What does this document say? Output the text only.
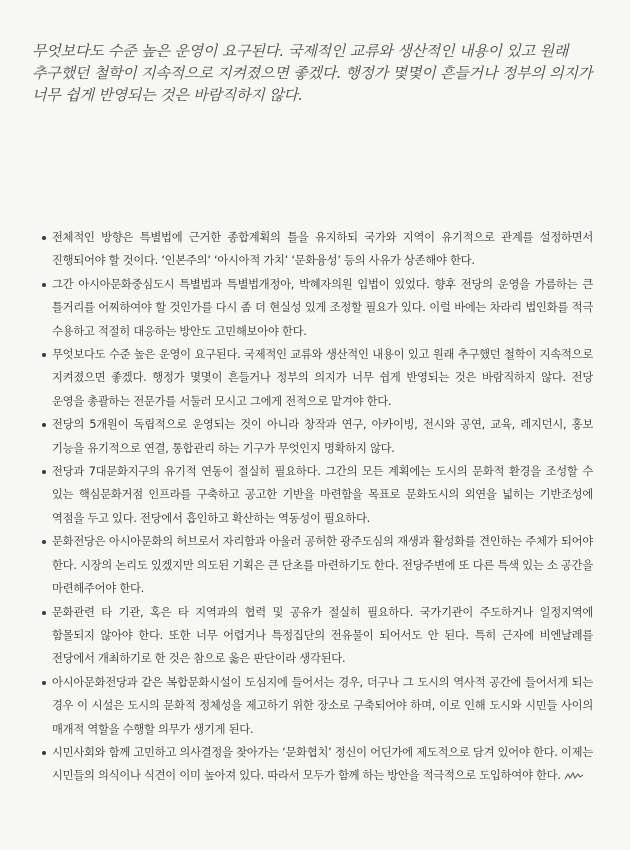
무엇보다도 수준 높은 운영이 요구된다. 국제적인 교류와 생산적인 내용이 있고 원래 추구했던 철학이 지속적으로 지켜졌으면 좋겠다. 행정가 몇몇이 흔들거나 정부의 의지가 너무 쉽게 반영되는 것은 바람직하지 않다.

전체적인 방향은 특별법에 근거한 종합계획의 틀을 유지하되 국가와 지역이 유기적으로 관계를 설정하면서 진행되어야 할 것이다. ‘인본주의’ ‘아시아적 가치’ ‘문화융성’ 등의 사유가 상존해야 한다.
그간 아시아문화중심도시 특별법과 특별법개정아, 박혜자의원 입법이 있었다. 향후 전당의 운영을 가름하는 큰 틀거리를 어찌하여야 할 것인가를 다시 좀 더 현실성 있게 조정할 필요가 있다. 이럴 바에는 차라리 법인화를 적극 수용하고 적절히 대응하는 방안도 고민해보아야 한다.
무엇보다도 수준 높은 운영이 요구된다. 국제적인 교류와 생산적인 내용이 있고 원래 추구했던 철학이 지속적으로 지켜졌으면 좋겠다. 행정가 몇몇이 흔들거나 정부의 의지가 너무 쉽게 반영되는 것은 바람직하지 않다. 전당 운영을 총괄하는 전문가를 서둘러 모시고 그에게 전적으로 맡겨야 한다.
전당의 5개원이 독립적으로 운영되는 것이 아니라 창작과 연구, 아카이빙, 전시와 공연, 교육, 레지던시, 홍보 기능을 유기적으로 연결, 통합관리 하는 기구가 무엇인지 명확하지 않다.
전당과 7대문화지구의 유기적 연동이 절실히 필요하다. 그간의 모든 계획에는 도시의 문화적 환경을 조성할 수 있는 핵심문화거점 인프라를 구축하고 공고한 기반을 마련함을 목표로 문화도시의 외연을 넓히는 기반조성에 역점을 두고 있다. 전당에서 흡인하고 확산하는 역동성이 필요하다.
문화전당은 아시아문화의 허브로서 자리함과 아울러 공허한 광주도심의 재생과 활성화를 견인하는 주체가 되어야 한다. 시장의 논리도 있겠지만 의도된 기획은 큰 단초를 마련하기도 한다. 전당주변에 또 다른 특색 있는 소 공간을 마련해주어야 한다.
문화관련 타 기관, 혹은 타 지역과의 협력 및 공유가 절실히 필요하다. 국가기관이 주도하거나 일정지역에 함몰되지 않아야 한다. 또한 너무 어렵거나 특정집단의 전유물이 되어서도 안 된다. 특히 근자에 비엔날레를 전당에서 개최하기로 한 것은 참으로 옳은 판단이라 생각된다.
아시아문화전당과 같은 복합문화시설이 도심지에 들어서는 경우, 더구나 그 도시의 역사적 공간에 들어서게 되는 경우 이 시설은 도시의 문화적 정체성을 제고하기 위한 장소로 구축되어야 하며, 이로 인해 도시와 시민들 사이의 매개적 역할을 수행할 의무가 생기게 된다.
시민사회와 함께 고민하고 의사결정을 찾아가는 ‘문화협치’ 정신이 어딘가에 제도적으로 담겨 있어야 한다. 이제는 시민들의 의식이나 식견이 이미 높아져 있다. 따라서 모두가 함께 하는 방안을 적극적으로 도입하여야 한다.
